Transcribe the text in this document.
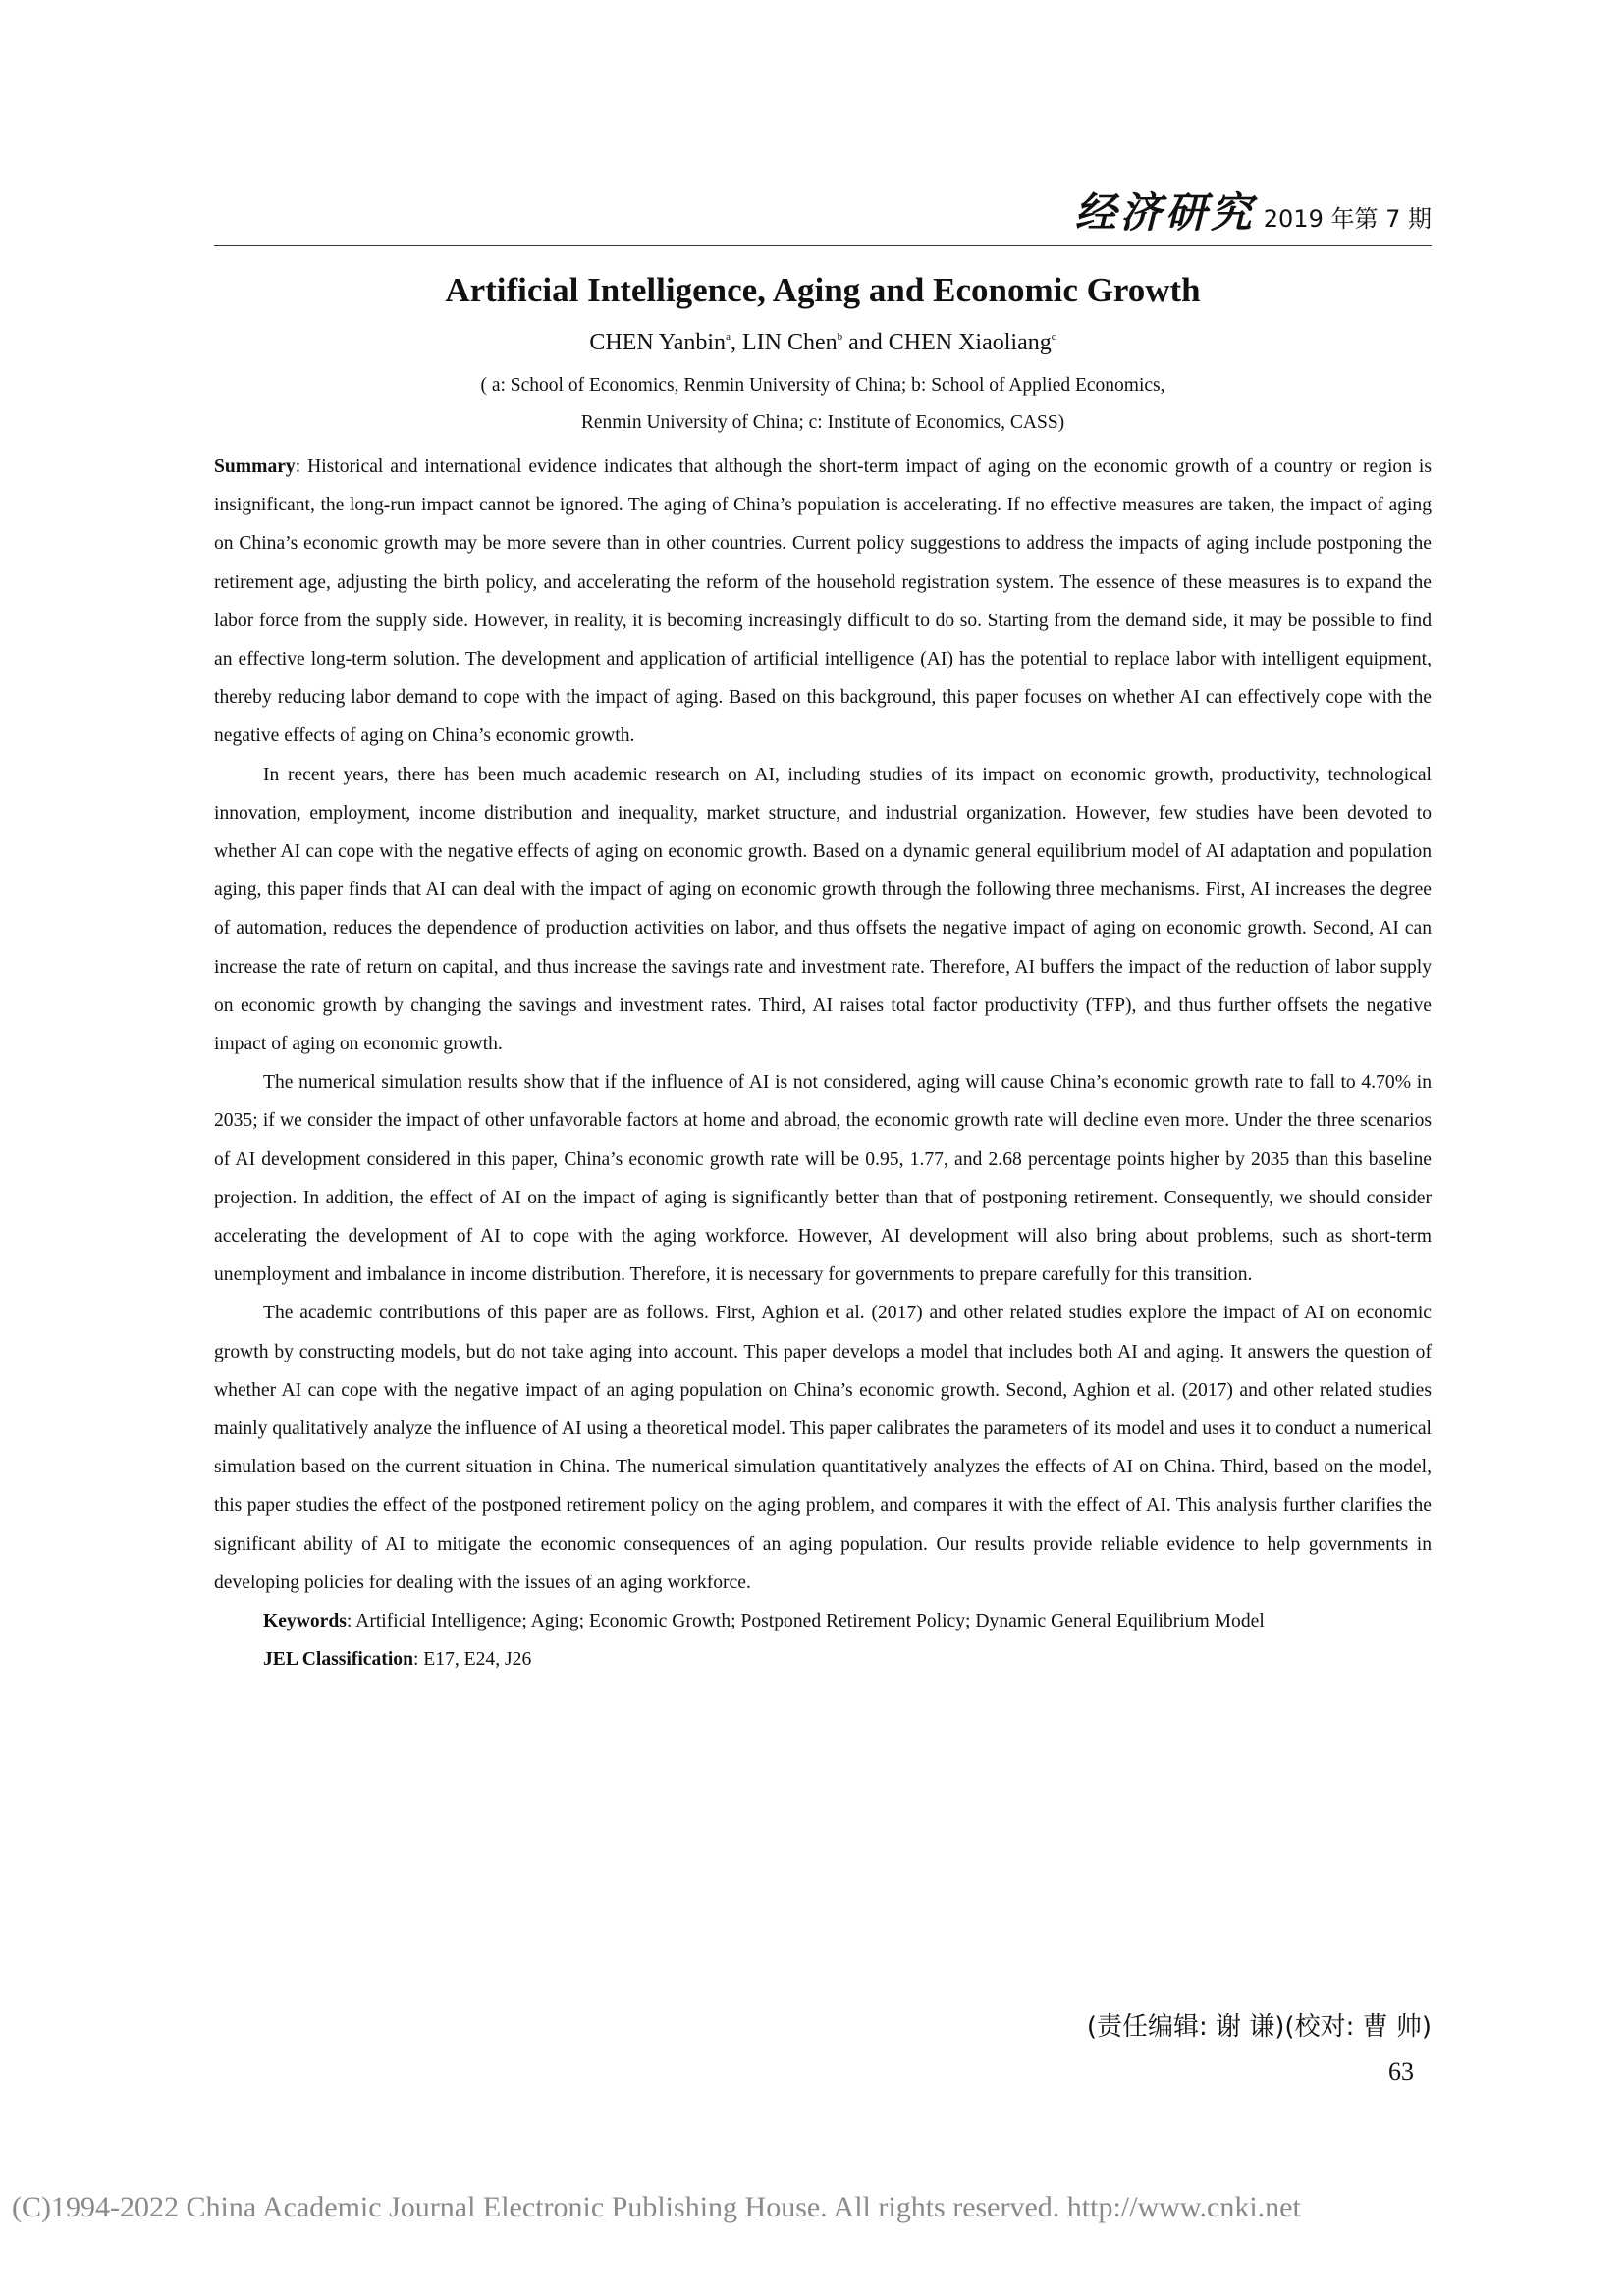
经济研究 2019 年第 7 期
Artificial Intelligence, Aging and Economic Growth
CHEN Yanbin$^a$, LIN Chen$^b$ and CHEN Xiaoliang$^c$
( a: School of Economics, Renmin University of China; b: School of Applied Economics,
Renmin University of China; c: Institute of Economics, CASS)

Summary: Historical and international evidence indicates that although the short-term impact of aging on the economic growth of a country or region is insignificant, the long-run impact cannot be ignored. The aging of China’s population is accelerating. If no effective measures are taken, the impact of aging on China’s economic growth may be more severe than in other countries. Current policy suggestions to address the impacts of aging include postponing the retirement age, adjusting the birth policy, and accelerating the reform of the household registration system. The essence of these measures is to expand the labor force from the supply side. However, in reality, it is becoming increasingly difficult to do so. Starting from the demand side, it may be possible to find an effective long-term solution. The development and application of artificial intelligence (AI) has the potential to replace labor with intelligent equipment, thereby reducing labor demand to cope with the impact of aging. Based on this background, this paper focuses on whether AI can effectively cope with the negative effects of aging on China’s economic growth.

In recent years, there has been much academic research on AI, including studies of its impact on economic growth, productivity, technological innovation, employment, income distribution and inequality, market structure, and industrial organization. However, few studies have been devoted to whether AI can cope with the negative effects of aging on economic growth. Based on a dynamic general equilibrium model of AI adaptation and population aging, this paper finds that AI can deal with the impact of aging on economic growth through the following three mechanisms. First, AI increases the degree of automation, reduces the dependence of production activities on labor, and thus offsets the negative impact of aging on economic growth. Second, AI can increase the rate of return on capital, and thus increase the savings rate and investment rate. Therefore, AI buffers the impact of the reduction of labor supply on economic growth by changing the savings and investment rates. Third, AI raises total factor productivity (TFP), and thus further offsets the negative impact of aging on economic growth.

The numerical simulation results show that if the influence of AI is not considered, aging will cause China’s economic growth rate to fall to 4.70% in 2035; if we consider the impact of other unfavorable factors at home and abroad, the economic growth rate will decline even more. Under the three scenarios of AI development considered in this paper, China’s economic growth rate will be 0.95, 1.77, and 2.68 percentage points higher by 2035 than this baseline projection. In addition, the effect of AI on the impact of aging is significantly better than that of postponing retirement. Consequently, we should consider accelerating the development of AI to cope with the aging workforce. However, AI development will also bring about problems, such as short-term unemployment and imbalance in income distribution. Therefore, it is necessary for governments to prepare carefully for this transition.

The academic contributions of this paper are as follows. First, Aghion et al. (2017) and other related studies explore the impact of AI on economic growth by constructing models, but do not take aging into account. This paper develops a model that includes both AI and aging. It answers the question of whether AI can cope with the negative impact of an aging population on China’s economic growth. Second, Aghion et al. (2017) and other related studies mainly qualitatively analyze the influence of AI using a theoretical model. This paper calibrates the parameters of its model and uses it to conduct a numerical simulation based on the current situation in China. The numerical simulation quantitatively analyzes the effects of AI on China. Third, based on the model, this paper studies the effect of the postponed retirement policy on the aging problem, and compares it with the effect of AI. This analysis further clarifies the significant ability of AI to mitigate the economic consequences of an aging population. Our results provide reliable evidence to help governments in developing policies for dealing with the issues of an aging workforce.

Keywords: Artificial Intelligence; Aging; Economic Growth; Postponed Retirement Policy; Dynamic General Equilibrium Model

JEL Classification: E17, E24, J26

(责任编辑: 谢 谦)(校对: 曹 帅)
63
(C)1994-2022 China Academic Journal Electronic Publishing House. All rights reserved. http://www.cnki.net
